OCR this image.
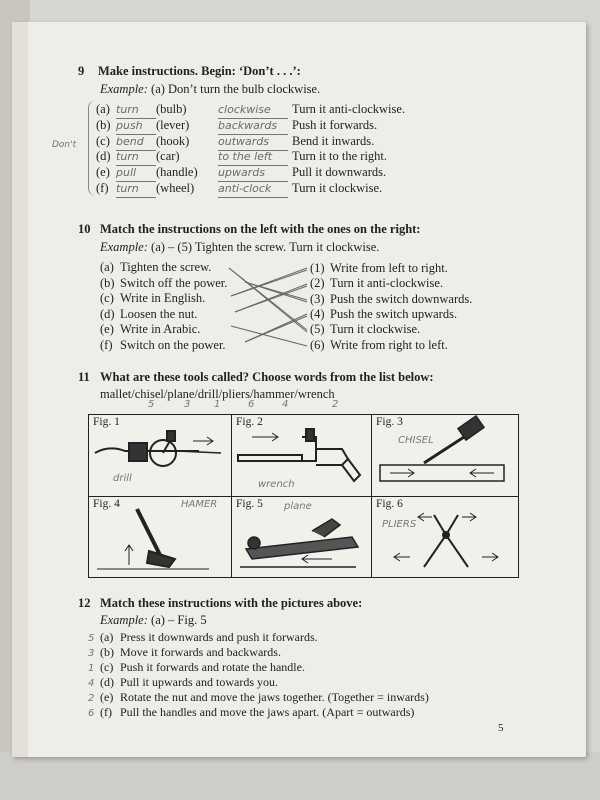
9 Make instructions. Begin: ‘Don’t . . .’:
Example: (a) Don’t turn the bulb clockwise.
Don't
(a) turn (bulb)	clockwise Turn it anti-clockwise.
(b) push (lever)	backwards Push it forwards.
(c) bend (hook)	outwards Bend it inwards.
(d) turn (car)	to the left Turn it to the right.
(e) pull (handle) upwards Pull it downwards.
(f) turn (wheel) anti-clock Turn it clockwise.
10 Match the instructions on the left with the ones on the right:
Example: (a) – (5) Tighten the screw. Turn it clockwise.
(a) Tighten the screw.
(b) Switch off the power.
(c) Write in English.
(d) Loosen the nut.
(e) Write in Arabic.
(f) Switch on the power.
(1) Write from left to right.
(2) Turn it anti-clockwise.
(3) Push the switch downwards.
(4) Push the switch upwards.
(5) Turn it clockwise.
(6) Write from right to left.
11 What are these tools called? Choose words from the list below:
mallet/chisel/plane/drill/pliers/hammer/wrench
5	3 1	6	4	2
Fig. 1
drill
Fig. 2
wrench
Fig. 3
CHISEL
Fig. 4	HAMER Fig. 5 plane	Fig. 6
PLIERS
12 Match these instructions with the pictures above:
Example: (a) – Fig. 5
5 (a) Press it downwards and push it forwards.
3 (b) Move it forwards and backwards.
1 (c) Push it forwards and rotate the handle.
4 (d) Pull it upwards and towards you.
2 (e) Rotate the nut and move the jaws together. (Together = inwards)
6 (f) Pull the handles and move the jaws apart. (Apart = outwards)
5
